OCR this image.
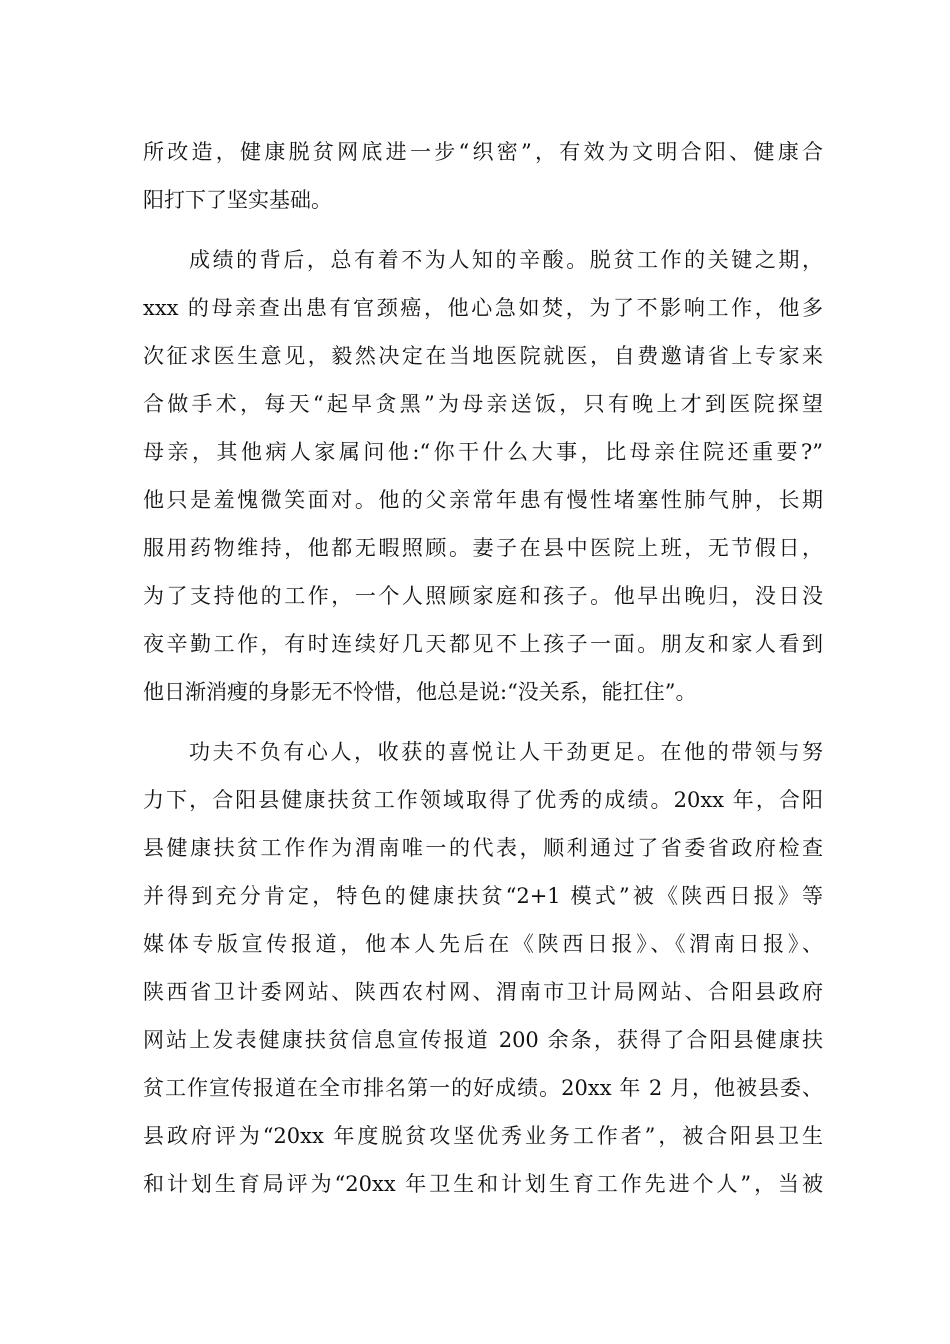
所改造，健康脱贫网底进一步“织密”，有效为文明合阳、健康合
阳打下了坚实基础。
成绩的背后，总有着不为人知的辛酸。脱贫工作的关键之期，
xxx 的母亲查出患有官颈癌，他心急如焚，为了不影响工作，他多
次征求医生意见，毅然决定在当地医院就医，自费邀请省上专家来
合做手术，每天“起早贪黑”为母亲送饭，只有晚上才到医院探望
母亲，其他病人家属问他:“你干什么大事，比母亲住院还重要?”
他只是羞愧微笑面对。他的父亲常年患有慢性堵塞性肺气肿，长期
服用药物维持，他都无暇照顾。妻子在县中医院上班，无节假日，
为了支持他的工作，一个人照顾家庭和孩子。他早出晚归，没日没
夜辛勤工作，有时连续好几天都见不上孩子一面。朋友和家人看到
他日渐消瘦的身影无不怜惜，他总是说:“没关系，能扛住”。
功夫不负有心人，收获的喜悦让人干劲更足。在他的带领与努
力下，合阳县健康扶贫工作领域取得了优秀的成绩。20xx 年，合阳
县健康扶贫工作作为渭南唯一的代表，顺利通过了省委省政府检查
并得到充分肯定，特色的健康扶贫“2+1 模式”被《陕西日报》等
媒体专版宣传报道，他本人先后在《陕西日报》、《渭南日报》、
陕西省卫计委网站、陕西农村网、渭南市卫计局网站、合阳县政府
网站上发表健康扶贫信息宣传报道 200 余条，获得了合阳县健康扶
贫工作宣传报道在全市排名第一的好成绩。20xx 年 2 月，他被县委、
县政府评为“20xx 年度脱贫攻坚优秀业务工作者”，被合阳县卫生
和计划生育局评为“20xx 年卫生和计划生育工作先进个人”，当被
